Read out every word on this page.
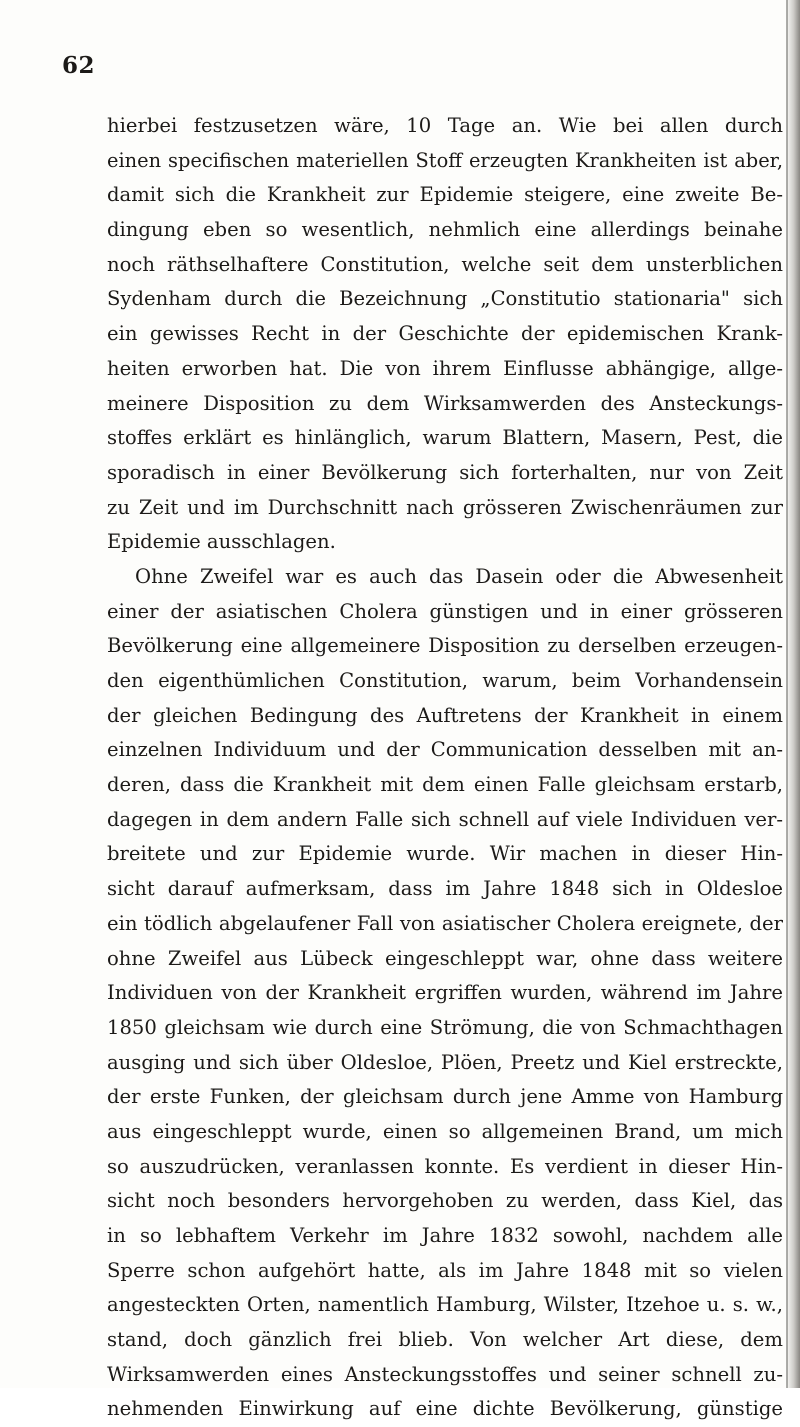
62
hierbei festzusetzen wäre, 10 Tage an. Wie bei allen durch
einen specifischen materiellen Stoff erzeugten Krankheiten ist aber,
damit sich die Krankheit zur Epidemie steigere, eine zweite Be-
dingung eben so wesentlich, nehmlich eine allerdings beinahe
noch räthselhaftere Constitution, welche seit dem unsterblichen
Sydenham durch die Bezeichnung „Constitutio stationaria" sich
ein gewisses Recht in der Geschichte der epidemischen Krank-
heiten erworben hat. Die von ihrem Einflusse abhängige, allge-
meinere Disposition zu dem Wirksamwerden des Ansteckungs-
stoffes erklärt es hinlänglich, warum Blattern, Masern, Pest, die
sporadisch in einer Bevölkerung sich forterhalten, nur von Zeit
zu Zeit und im Durchschnitt nach grösseren Zwischenräumen zur
Epidemie ausschlagen.
Ohne Zweifel war es auch das Dasein oder die Abwesenheit
einer der asiatischen Cholera günstigen und in einer grösseren
Bevölkerung eine allgemeinere Disposition zu derselben erzeugen-
den eigenthümlichen Constitution, warum, beim Vorhandensein
der gleichen Bedingung des Auftretens der Krankheit in einem
einzelnen Individuum und der Communication desselben mit an-
deren, dass die Krankheit mit dem einen Falle gleichsam erstarb,
dagegen in dem andern Falle sich schnell auf viele Individuen ver-
breitete und zur Epidemie wurde. Wir machen in dieser Hin-
sicht darauf aufmerksam, dass im Jahre 1848 sich in Oldesloe
ein tödlich abgelaufener Fall von asiatischer Cholera ereignete, der
ohne Zweifel aus Lübeck eingeschleppt war, ohne dass weitere
Individuen von der Krankheit ergriffen wurden, während im Jahre
1850 gleichsam wie durch eine Strömung, die von Schmachthagen
ausging und sich über Oldesloe, Plöen, Preetz und Kiel erstreckte,
der erste Funken, der gleichsam durch jene Amme von Hamburg
aus eingeschleppt wurde, einen so allgemeinen Brand, um mich
so auszudrücken, veranlassen konnte. Es verdient in dieser Hin-
sicht noch besonders hervorgehoben zu werden, dass Kiel, das
in so lebhaftem Verkehr im Jahre 1832 sowohl, nachdem alle
Sperre schon aufgehört hatte, als im Jahre 1848 mit so vielen
angesteckten Orten, namentlich Hamburg, Wilster, Itzehoe u. s. w.,
stand, doch gänzlich frei blieb. Von welcher Art diese, dem
Wirksamwerden eines Ansteckungsstoffes und seiner schnell zu-
nehmenden Einwirkung auf eine dichte Bevölkerung, günstige
